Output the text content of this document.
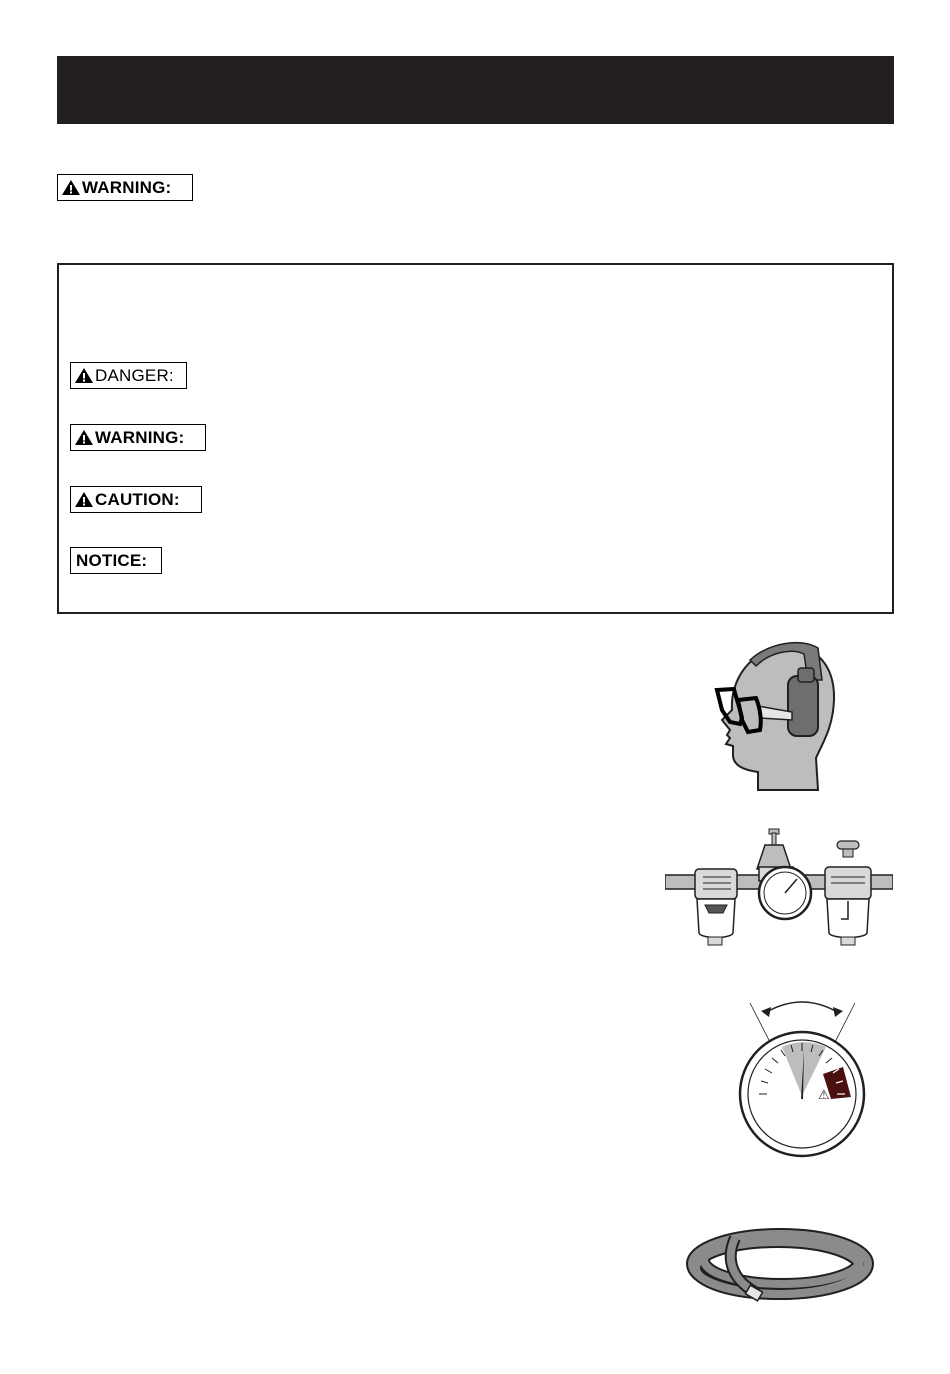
WARNING:
DANGER:
WARNING:
CAUTION:
NOTICE:
⚠
